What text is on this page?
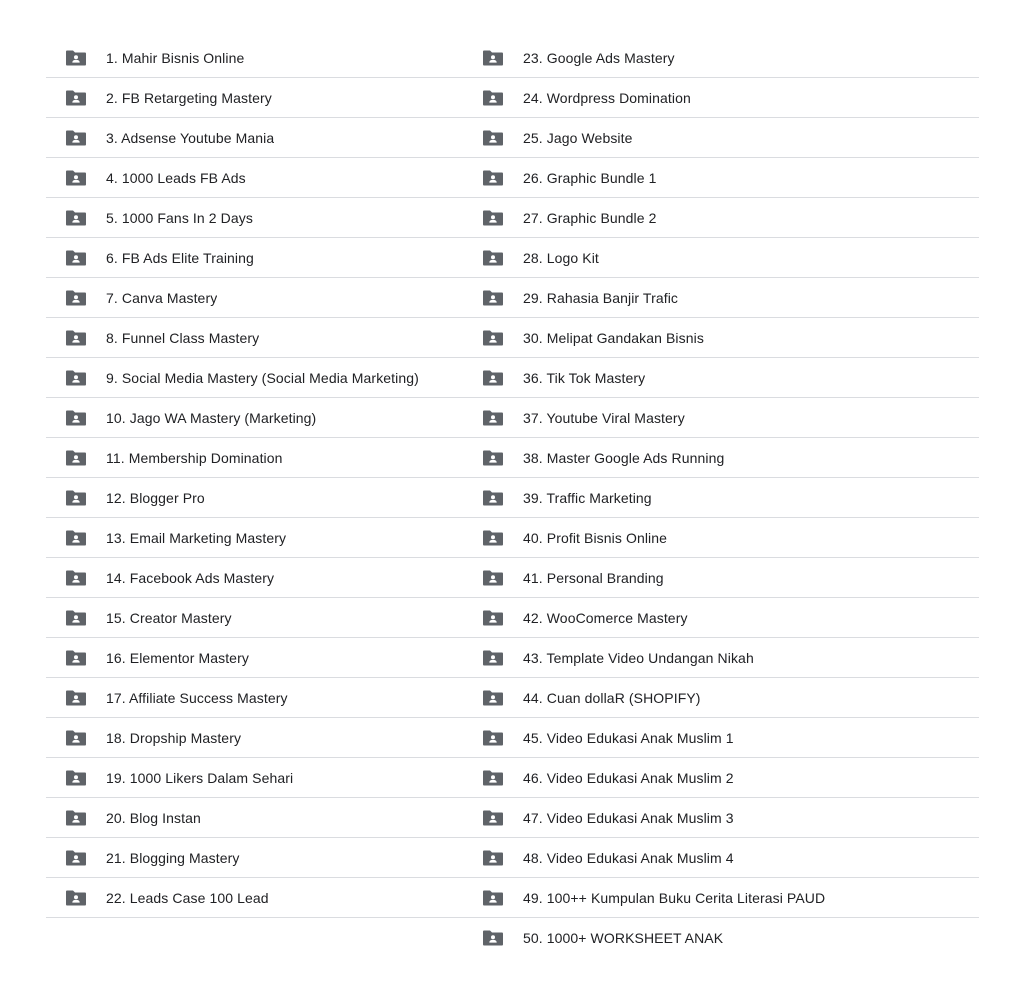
1. Mahir Bisnis Online
2. FB Retargeting Mastery
3. Adsense Youtube Mania
4. 1000 Leads FB Ads
5. 1000 Fans In 2 Days
6. FB Ads Elite Training
7. Canva Mastery
8. Funnel Class Mastery
9. Social Media Mastery (Social Media Marketing)
10. Jago WA Mastery (Marketing)
11. Membership Domination
12. Blogger Pro
13. Email Marketing Mastery
14. Facebook Ads Mastery
15. Creator Mastery
16. Elementor Mastery
17. Affiliate Success Mastery
18. Dropship Mastery
19. 1000 Likers Dalam Sehari
20. Blog Instan
21. Blogging Mastery
22. Leads Case 100 Lead
23. Google Ads Mastery
24. Wordpress Domination
25. Jago Website
26. Graphic Bundle 1
27. Graphic Bundle 2
28. Logo Kit
29. Rahasia Banjir Trafic
30. Melipat Gandakan Bisnis
36. Tik Tok Mastery
37. Youtube Viral Mastery
38. Master Google Ads Running
39. Traffic Marketing
40. Profit Bisnis Online
41. Personal Branding
42. WooComerce Mastery
43. Template Video Undangan Nikah
44. Cuan dollaR (SHOPIFY)
45. Video Edukasi Anak Muslim 1
46. Video Edukasi Anak Muslim 2
47. Video Edukasi Anak Muslim 3
48. Video Edukasi Anak Muslim 4
49. 100++ Kumpulan Buku Cerita Literasi PAUD
50. 1000+ WORKSHEET ANAK
